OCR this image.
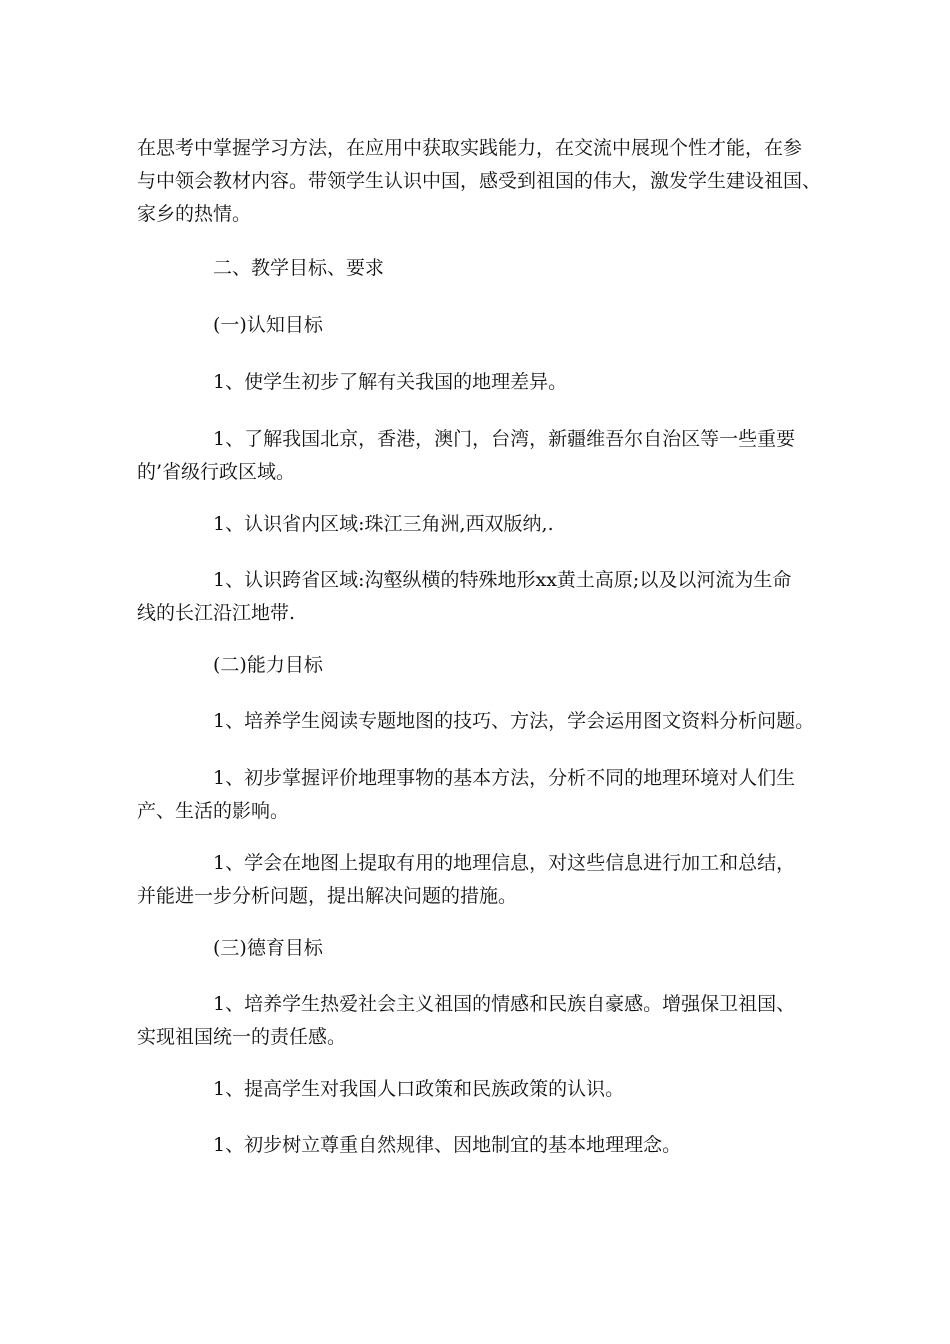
在思考中掌握学习方法，在应用中获取实践能力，在交流中展现个性才能，在参
与中领会教材内容。带领学生认识中国，感受到祖国的伟大，激发学生建设祖国、
家乡的热情。

二、教学目标、要求

(一)认知目标

1、使学生初步了解有关我国的地理差异。

1、了解我国北京，香港，澳门，台湾，新疆维吾尔自治区等一些重要
的’省级行政区域。

1、认识省内区域:珠江三角洲,西双版纳,.

1、认识跨省区域:沟壑纵横的特殊地形xx黄土高原;以及以河流为生命
线的长江沿江地带.

(二)能力目标

1、培养学生阅读专题地图的技巧、方法，学会运用图文资料分析问题。

1、初步掌握评价地理事物的基本方法，分析不同的地理环境对人们生
产、生活的影响。

1、学会在地图上提取有用的地理信息，对这些信息进行加工和总结，
并能进一步分析问题，提出解决问题的措施。

(三)德育目标

1、培养学生热爱社会主义祖国的情感和民族自豪感。增强保卫祖国、
实现祖国统一的责任感。

1、提高学生对我国人口政策和民族政策的认识。

1、初步树立尊重自然规律、因地制宜的基本地理理念。
